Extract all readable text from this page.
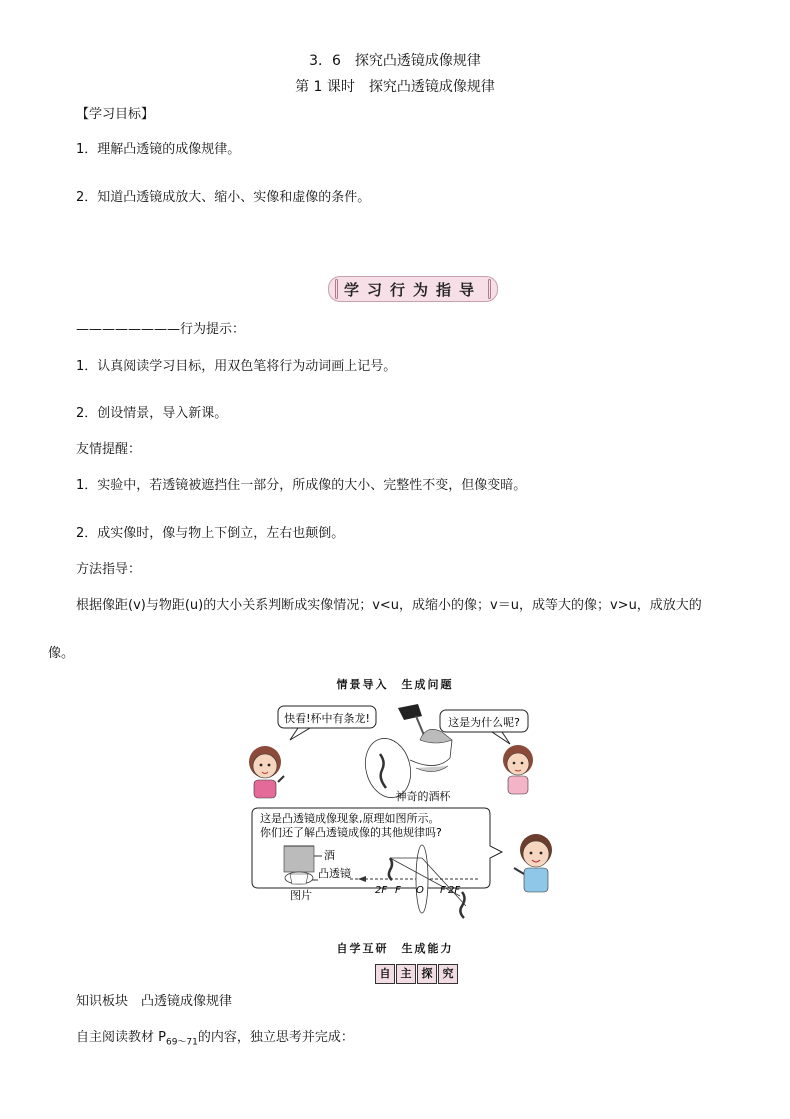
3．6　探究凸透镜成像规律
第 1 课时　探究凸透镜成像规律
【学习目标】
1．理解凸透镜的成像规律。
2．知道凸透镜成放大、缩小、实像和虚像的条件。
学习行为指导
————————行为提示：
1．认真阅读学习目标，用双色笔将行为动词画上记号。
2．创设情景，导入新课。
友情提醒：
1．实验中，若透镜被遮挡住一部分，所成像的大小、完整性不变，但像变暗。
2．成实像时，像与物上下倒立，左右也颠倒。
方法指导：
根据像距(v)与物距(u)的大小关系判断成实像情况；v<u，成缩小的像；v＝u，成等大的像；v>u，成放大的
像。
情景导入　生成问题
快看!杯中有条龙!	这是为什么呢?
神奇的酒杯
这是凸透镜成像现象,原理如图所示。
你们还了解凸透镜成像的其他规律吗?
酒
凸透镜
图片	2F F O F 2F
自学互研　生成能力
自 主 探 究
知识板块　凸透镜成像规律
自主阅读教材 $P_{69\sim 71}$的内容，独立思考并完成：
